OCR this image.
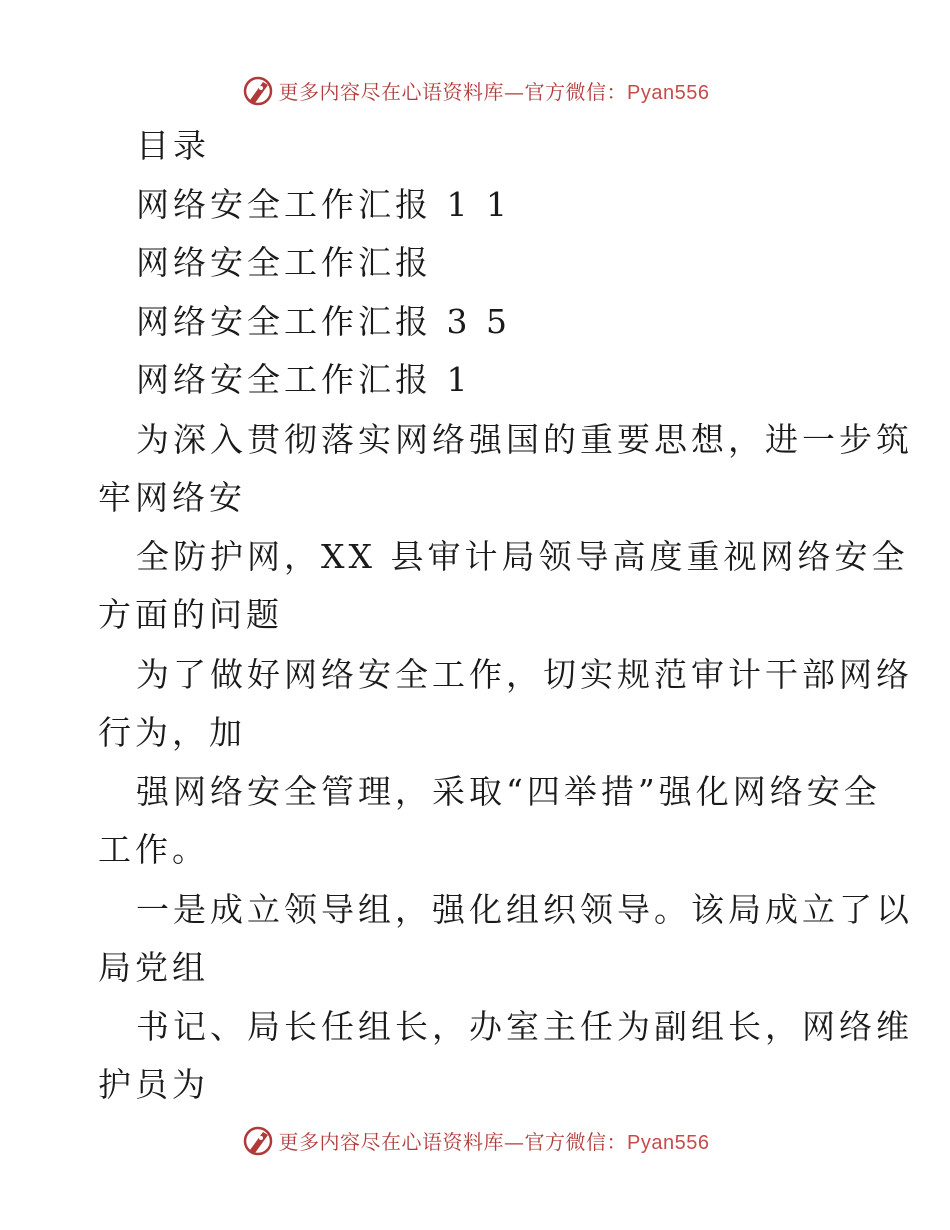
更多内容尽在心语资料库—官方微信：Pyan556
目录
网络安全工作汇报 1 1
网络安全工作汇报
网络安全工作汇报 3 5
网络安全工作汇报 1
为深入贯彻落实网络强国的重要思想，进一步筑
牢网络安
全防护网，XX 县审计局领导高度重视网络安全
方面的问题
为了做好网络安全工作，切实规范审计干部网络
行为，加
强网络安全管理，采取“四举措”强化网络安全
工作。
一是成立领导组，强化组织领导。该局成立了以
局党组
书记、局长任组长，办室主任为副组长，网络维
护员为
更多内容尽在心语资料库—官方微信：Pyan556
